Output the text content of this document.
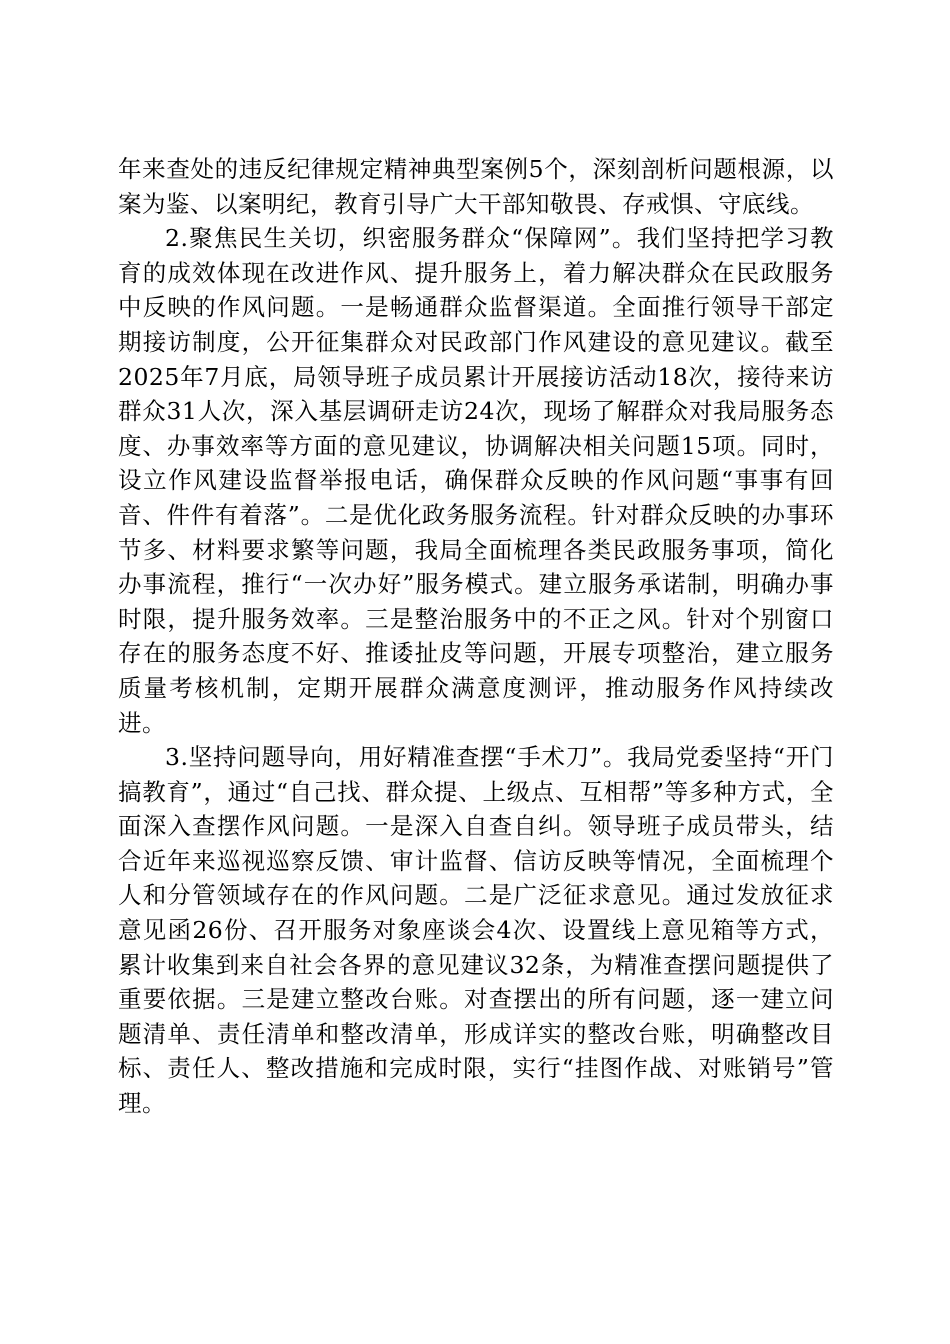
年来查处的违反纪律规定精神典型案例5个，深刻剖析问题根源，以案为鉴、以案明纪，教育引导广大干部知敬畏、存戒惧、守底线。

2.聚焦民生关切，织密服务群众“保障网”。我们坚持把学习教育的成效体现在改进作风、提升服务上，着力解决群众在民政服务中反映的作风问题。一是畅通群众监督渠道。全面推行领导干部定期接访制度，公开征集群众对民政部门作风建设的意见建议。截至2025年7月底，局领导班子成员累计开展接访活动18次，接待来访群众31人次，深入基层调研走访24次，现场了解群众对我局服务态度、办事效率等方面的意见建议，协调解决相关问题15项。同时，设立作风建设监督举报电话，确保群众反映的作风问题“事事有回音、件件有着落”。二是优化政务服务流程。针对群众反映的办事环节多、材料要求繁等问题，我局全面梳理各类民政服务事项，简化办事流程，推行“一次办好”服务模式。建立服务承诺制，明确办事时限，提升服务效率。三是整治服务中的不正之风。针对个别窗口存在的服务态度不好、推诿扯皮等问题，开展专项整治，建立服务质量考核机制，定期开展群众满意度测评，推动服务作风持续改进。

3.坚持问题导向，用好精准查摆“手术刀”。我局党委坚持“开门搞教育”，通过“自己找、群众提、上级点、互相帮”等多种方式，全面深入查摆作风问题。一是深入自查自纠。领导班子成员带头，结合近年来巡视巡察反馈、审计监督、信访反映等情况，全面梳理个人和分管领域存在的作风问题。二是广泛征求意见。通过发放征求意见函26份、召开服务对象座谈会4次、设置线上意见箱等方式，累计收集到来自社会各界的意见建议32条，为精准查摆问题提供了重要依据。三是建立整改台账。对查摆出的所有问题，逐一建立问题清单、责任清单和整改清单，形成详实的整改台账，明确整改目标、责任人、整改措施和完成时限，实行“挂图作战、对账销号”管理。
